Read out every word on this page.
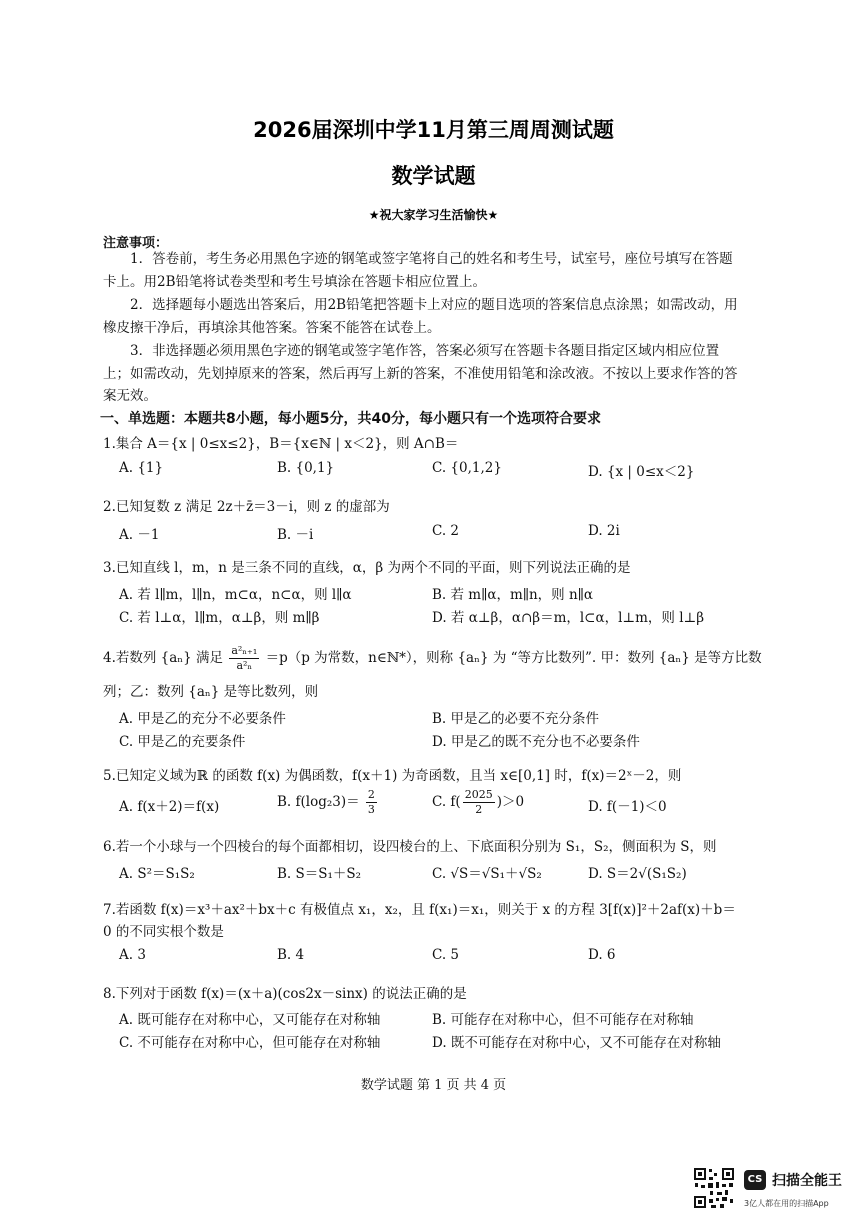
2026届深圳中学11月第三周周测试题
数学试题
★祝大家学习生活愉快★
注意事项：
　　1．答卷前，考生务必用黑色字迹的钢笔或签字笔将自己的姓名和考生号，试室号，座位号填写在答题
卡上。用2B铅笔将试卷类型和考生号填涂在答题卡相应位置上。
　　2．选择题每小题选出答案后，用2B铅笔把答题卡上对应的题目选项的答案信息点涂黑；如需改动，用
橡皮擦干净后，再填涂其他答案。答案不能答在试卷上。
　　3．非选择题必须用黑色字迹的钢笔或签字笔作答，答案必须写在答题卡各题目指定区域内相应位置
上；如需改动，先划掉原来的答案，然后再写上新的答案，不准使用铅笔和涂改液。不按以上要求作答的答
案无效。
一、单选题：本题共8小题，每小题5分，共40分，每小题只有一个选项符合要求
1.集合 A＝{x | 0≤x≤2}，B＝{x∈ℕ | x＜2}，则 A∩B＝
A. {1}	B. {0,1}	C. {0,1,2}	D. {x | 0≤x＜2}
2.已知复数 z 满足 2z＋z̄＝3－i，则 z 的虚部为
A. －1	B. －i	C. 2	D. 2i
3.已知直线 l，m，n 是三条不同的直线，α，β 为两个不同的平面，则下列说法正确的是
A. 若 l∥m，l∥n，m⊂α，n⊂α，则 l∥α	B. 若 m∥α，m∥n，则 n∥α
C. 若 l⊥α，l∥m，α⊥β，则 m∥β	D. 若 α⊥β，α∩β＝m，l⊂α，l⊥m，则 l⊥β
4.若数列 {aₙ} 满足 $\frac{\text{a²ₙ₊₁}}{\text{a²ₙ}} =p(p$ 为常数，n∈ℕ*），则称 {aₙ} 为 “等方比数列”. 甲：数列 {aₙ} 是等方比数
列；乙：数列 {aₙ} 是等比数列，则
A. 甲是乙的充分不必要条件	B. 甲是乙的必要不充分条件
C. 甲是乙的充要条件	D. 甲是乙的既不充分也不必要条件
5.已知定义域为ℝ 的函数 f(x) 为偶函数，f(x＋1) 为奇函数，且当 x∈[0,1] 时，f(x)＝2ˣ－2，则
A. f(x＋2)＝f(x)	B. $f(\log_23)= \frac{2}{3}$	C. $f( \frac{2025}{2} )>0$	D. f(－1)＜0
6.若一个小球与一个四棱台的每个面都相切，设四棱台的上、下底面积分别为 S₁，S₂，侧面积为 S，则
A. S²＝S₁S₂	B. S＝S₁＋S₂	C. √S＝√S₁＋√S₂	D. S＝2√(S₁S₂)
7.若函数 f(x)＝x³＋ax²＋bx＋c 有极值点 x₁，x₂，且 f(x₁)＝x₁，则关于 x 的方程 3[f(x)]²＋2af(x)＋b＝
0 的不同实根个数是
A. 3	B. 4	C. 5	D. 6
8.下列对于函数 f(x)＝(x＋a)(cos2x－sinx) 的说法正确的是
A. 既可能存在对称中心，又可能存在对称轴	B. 可能存在对称中心，但不可能存在对称轴
C. 不可能存在对称中心，但可能存在对称轴	D. 既不可能存在对称中心，又不可能存在对称轴
数学试题 第 1 页 共 4 页
CS 扫描全能王
3亿人都在用的扫描App
